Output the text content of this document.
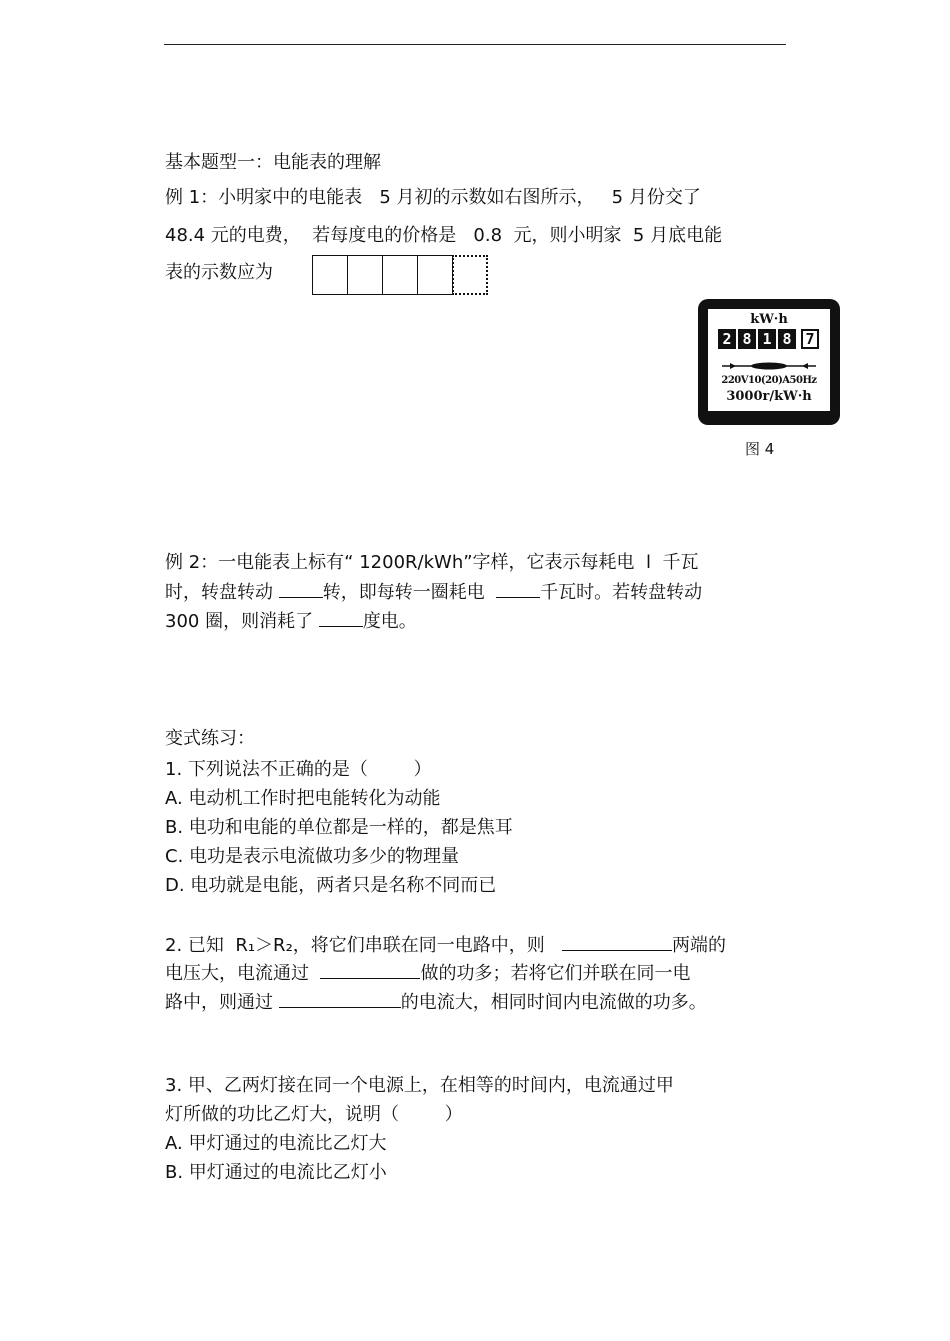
基本题型一：电能表的理解
例 1：小明家中的电能表   5 月初的示数如右图所示，   5 月份交了
48.4 元的电费，  若每度电的价格是   0.8  元，则小明家  5 月底电能
表的示数应为
kW·h
2 8 1 8 7
220V10(20)A50Hz
3000r/kW·h
图 4
例 2：一电能表上标有“ 1200R/kWh”字样，它表示每耗电  l  千瓦
时，转盘转动 转，即每转一圈耗电  千瓦时。若转盘转动
300 圈，则消耗了 度电。
变式练习：
1. 下列说法不正确的是（        ）
A. 电动机工作时把电能转化为动能
B. 电功和电能的单位都是一样的，都是焦耳
C. 电功是表示电流做功多少的物理量
D. 电功就是电能，两者只是名称不同而已
2. 已知  R₁＞R₂，将它们串联在同一电路中，则	两端的
电压大，电流通过	做的功多；若将它们并联在同一电
路中，则通过	的电流大，相同时间内电流做的功多。
3. 甲、乙两灯接在同一个电源上，在相等的时间内，电流通过甲
灯所做的功比乙灯大，说明（        ）
A. 甲灯通过的电流比乙灯大
B. 甲灯通过的电流比乙灯小
